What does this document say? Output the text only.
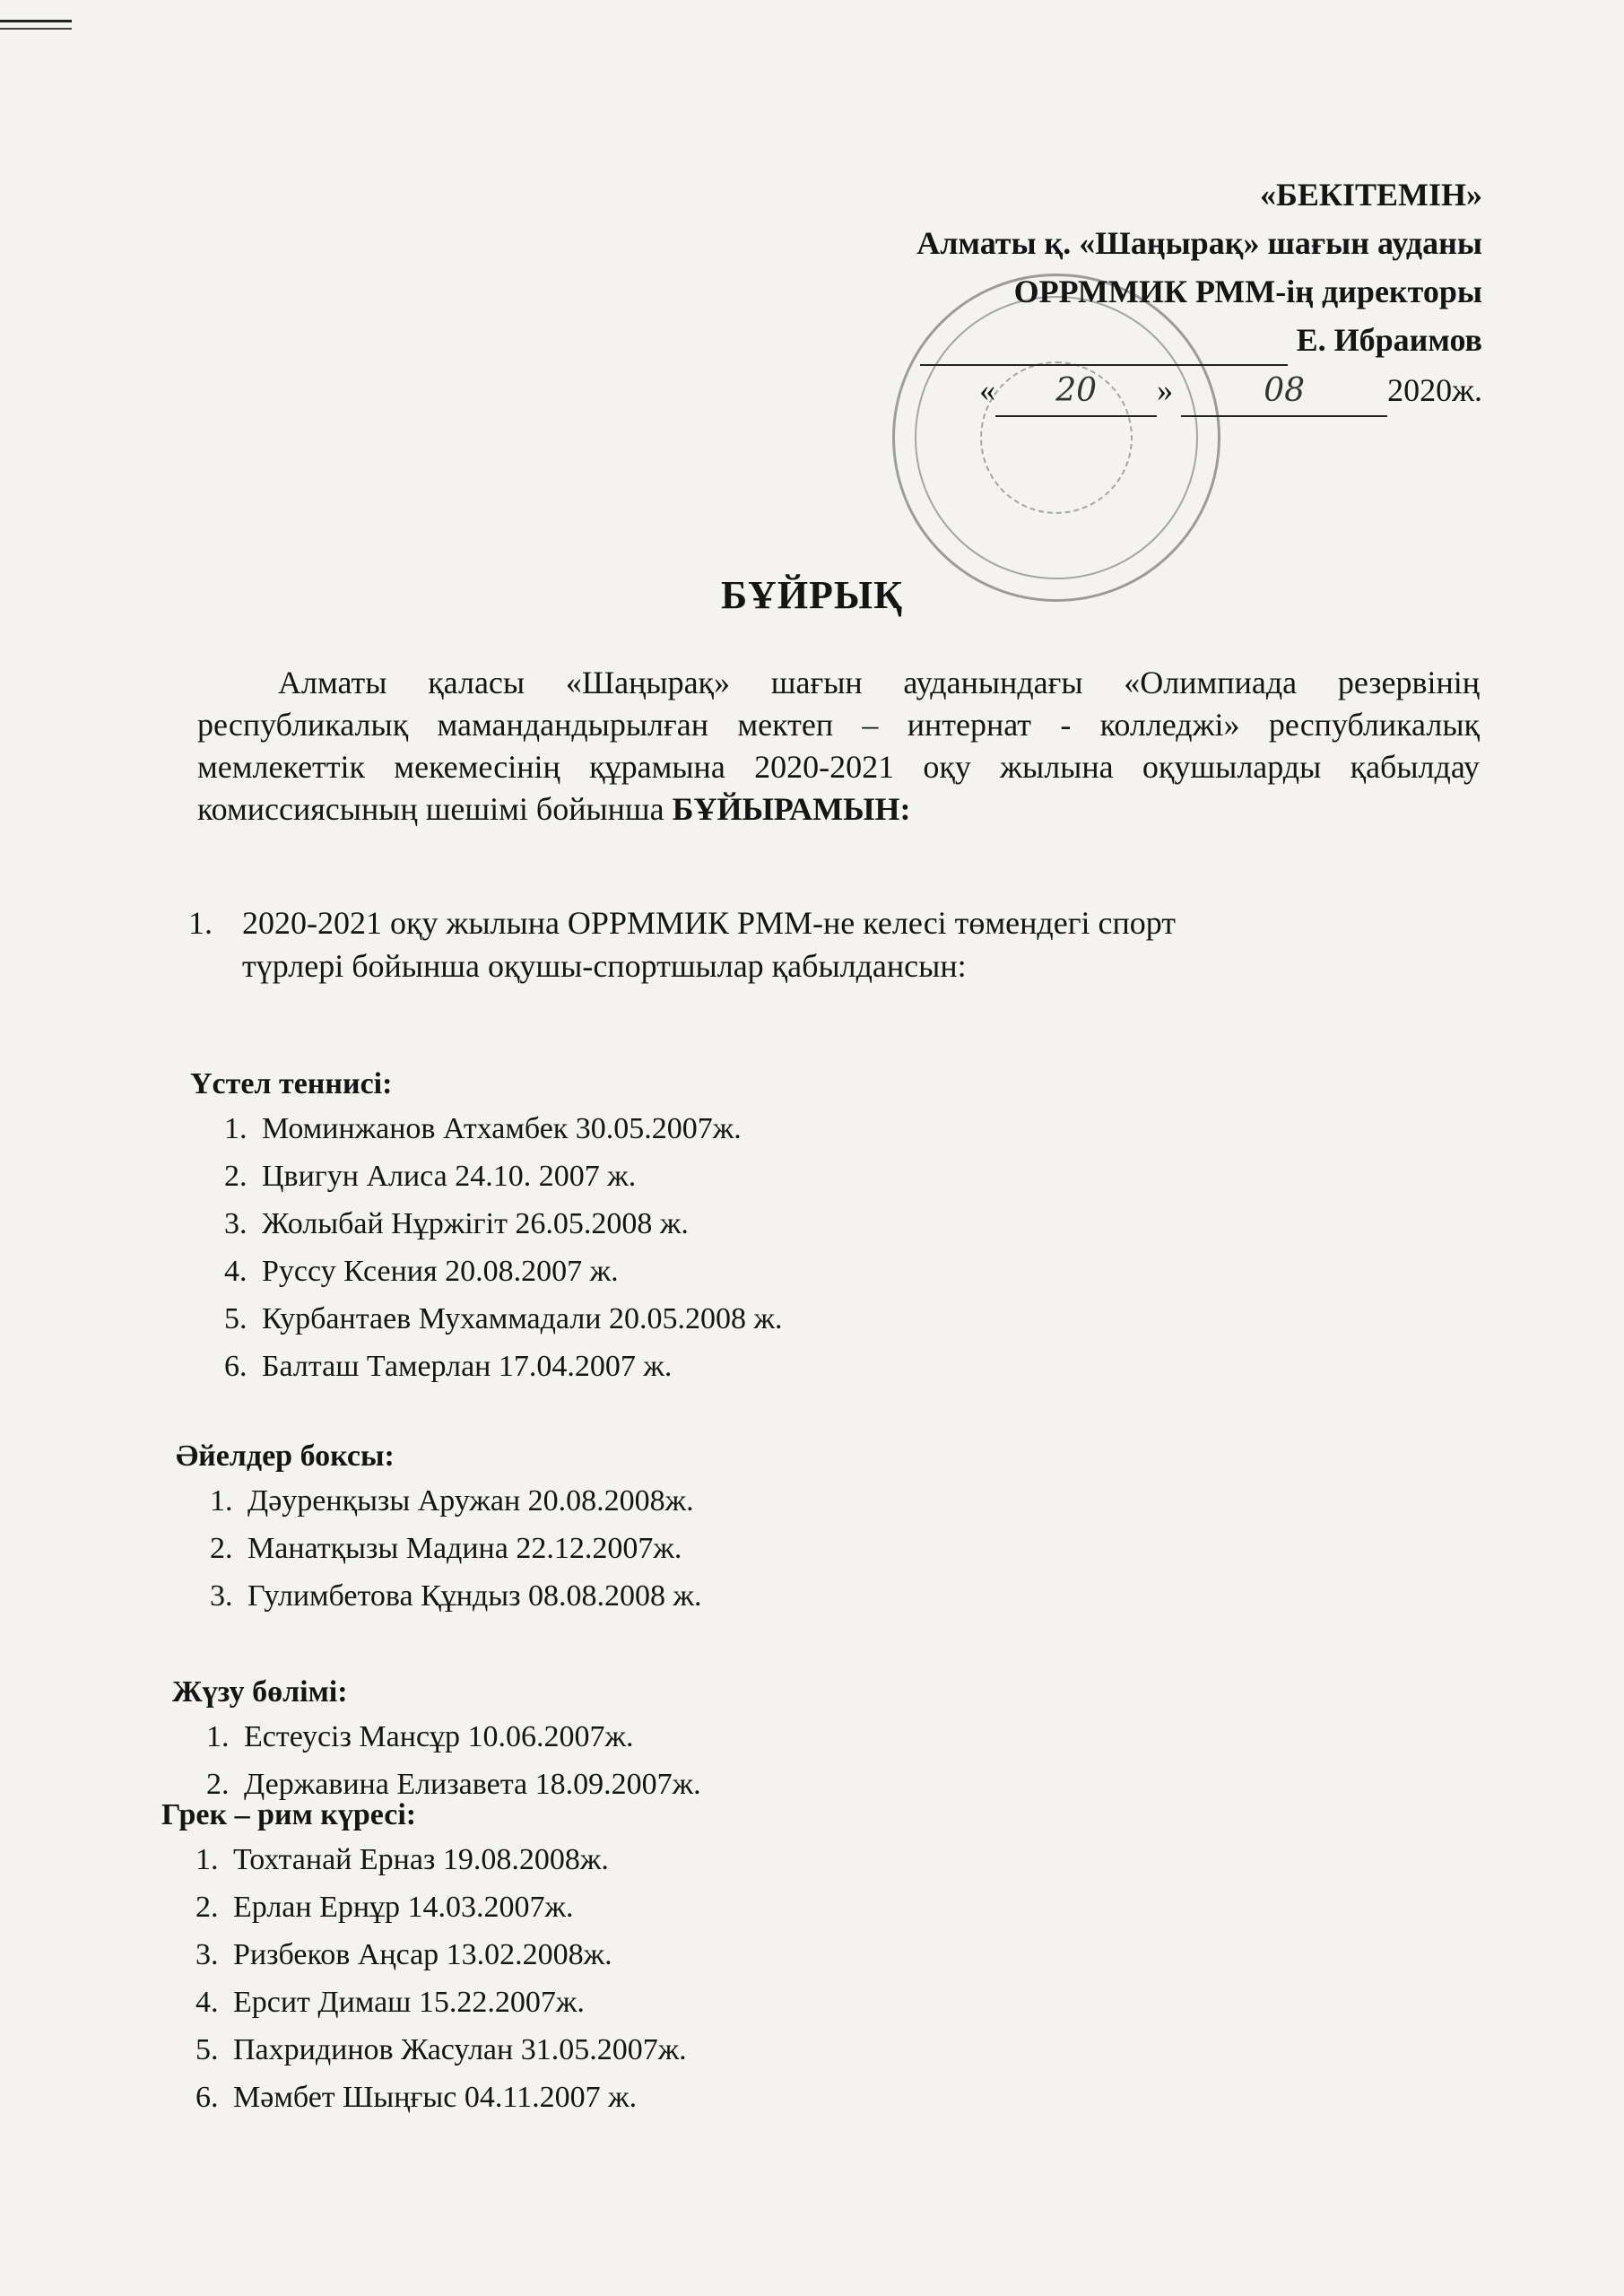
«БЕКІТЕМІН»
Алматы қ. «Шаңырақ» шағын ауданы
ОРРММИК РММ-ің директоры
Е. Ибраимов
« 20 »	08	2020ж.
БҰЙРЫҚ
Алматы қаласы «Шаңырақ» шағын ауданындағы «Олимпиада резервінің республикалық мамандандырылған мектеп – интернат - колледжі» республикалық мемлекеттік мекемесінің құрамына 2020-2021 оқу жылына оқушыларды қабылдау комиссиясының шешімі бойынша БҰЙЫРАМЫН:
1. 2020-2021 оқу жылына ОРРММИК РММ-не келесі төмендегі спорт
түрлері бойынша оқушы-спортшылар қабылдансын:
Үстел теннисі:
1. Моминжанов Атхамбек 30.05.2007ж.
2. Цвигун Алиса 24.10. 2007 ж.
3. Жолыбай Нұржігіт 26.05.2008 ж.
4. Руссу Ксения 20.08.2007 ж.
5. Курбантаев Мухаммадали 20.05.2008 ж.
6. Балташ Тамерлан 17.04.2007 ж.
Әйелдер боксы:
1. Дәуренқызы Аружан 20.08.2008ж.
2. Манатқызы Мадина 22.12.2007ж.
3. Гулимбетова Құндыз 08.08.2008 ж.
Жүзу бөлімі:
1. Естеусіз Мансұр 10.06.2007ж.
2. Державина Елизавета 18.09.2007ж.
Грек – рим күресі:
1. Тохтанай Ерназ 19.08.2008ж.
2. Ерлан Ернұр 14.03.2007ж.
3. Ризбеков Аңсар 13.02.2008ж.
4. Ерсит Димаш 15.22.2007ж.
5. Пахридинов Жасулан 31.05.2007ж.
6. Мәмбет Шыңғыс 04.11.2007 ж.
